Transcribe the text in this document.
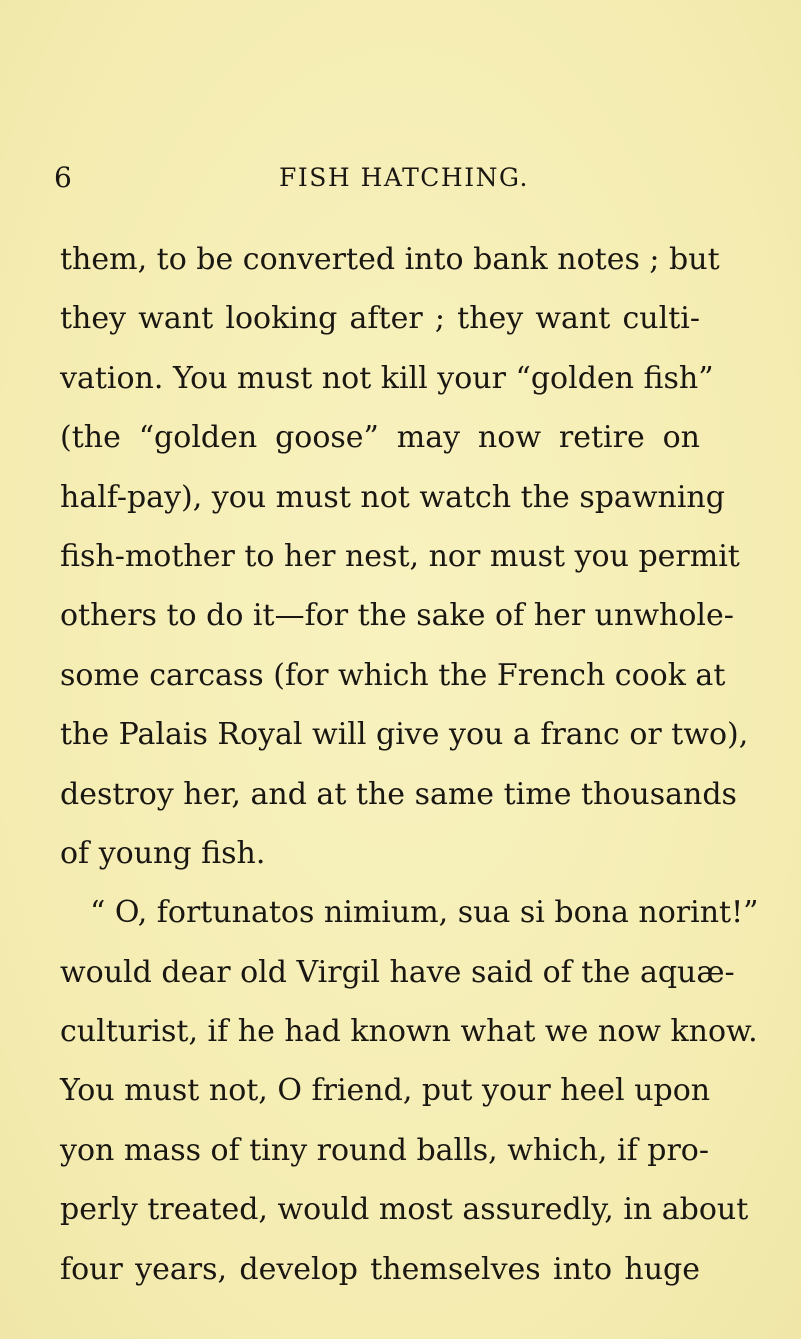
6	FISH HATCHING.
them, to be converted into bank notes ; but
they want looking after ; they want culti-
vation. You must not kill your “golden fish”
(the “golden goose” may now retire on
half-pay), you must not watch the spawning
fish-mother to her nest, nor must you permit
others to do it—for the sake of her unwhole-
some carcass (for which the French cook at
the Palais Royal will give you a franc or two),
destroy her, and at the same time thousands
of young fish.
“ O, fortunatos nimium, sua si bona norint!”
would dear old Virgil have said of the aquæ-
culturist, if he had known what we now know.
You must not, O friend, put your heel upon
yon mass of tiny round balls, which, if pro-
perly treated, would most assuredly, in about
four years, develop themselves into huge
